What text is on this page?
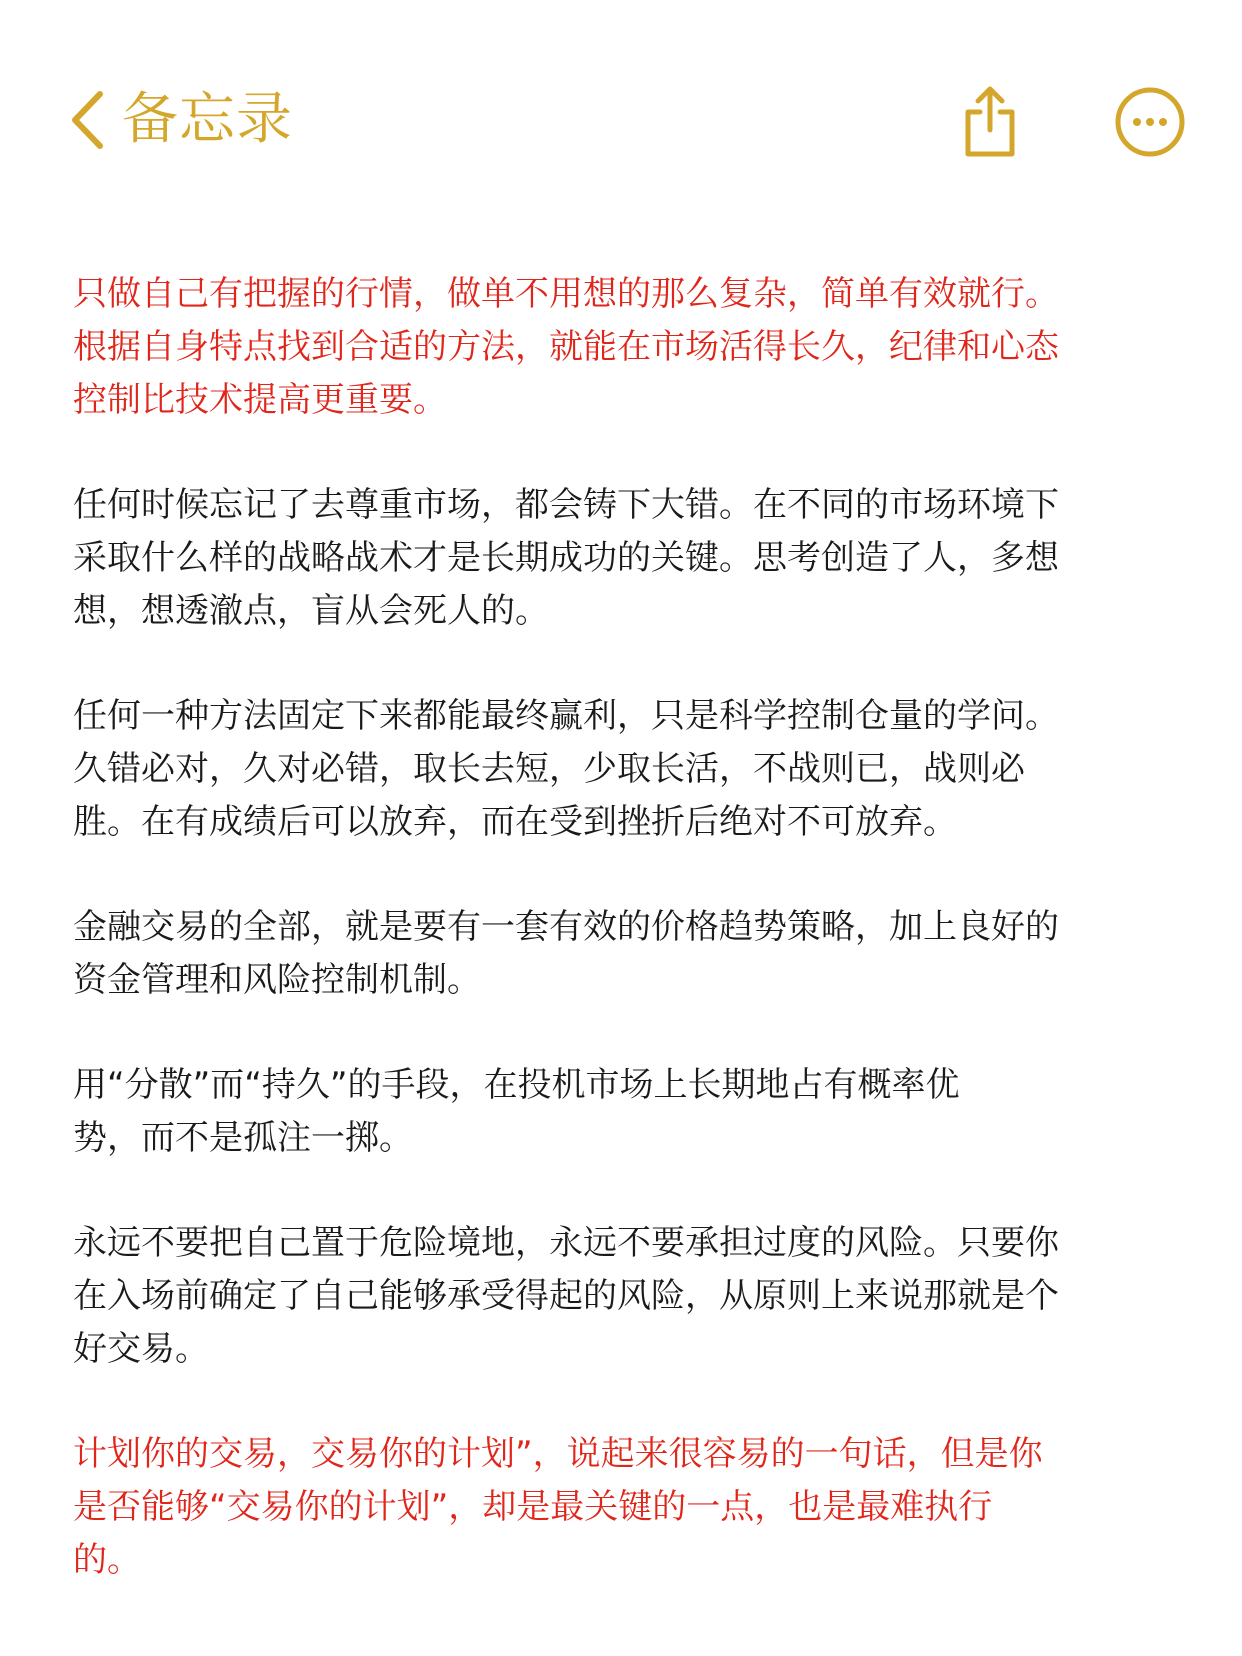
备忘录

只做自己有把握的行情，做单不用想的那么复杂，简单有效就行。
根据自身特点找到合适的方法，就能在市场活得长久，纪律和心态
控制比技术提高更重要。

任何时候忘记了去尊重市场，都会铸下大错。在不同的市场环境下
采取什么样的战略战术才是长期成功的关键。思考创造了人，多想
想，想透澈点，盲从会死人的。

任何一种方法固定下来都能最终赢利，只是科学控制仓量的学问。
久错必对，久对必错，取长去短，少取长活，不战则已，战则必
胜。在有成绩后可以放弃，而在受到挫折后绝对不可放弃。

金融交易的全部，就是要有一套有效的价格趋势策略，加上良好的
资金管理和风险控制机制。

用“分散”而“持久”的手段，在投机市场上长期地占有概率优
势，而不是孤注一掷。

永远不要把自己置于危险境地，永远不要承担过度的风险。只要你
在入场前确定了自己能够承受得起的风险，从原则上来说那就是个
好交易。

计划你的交易，交易你的计划”，说起来很容易的一句话，但是你
是否能够“交易你的计划”，却是最关键的一点，也是最难执行
的。
